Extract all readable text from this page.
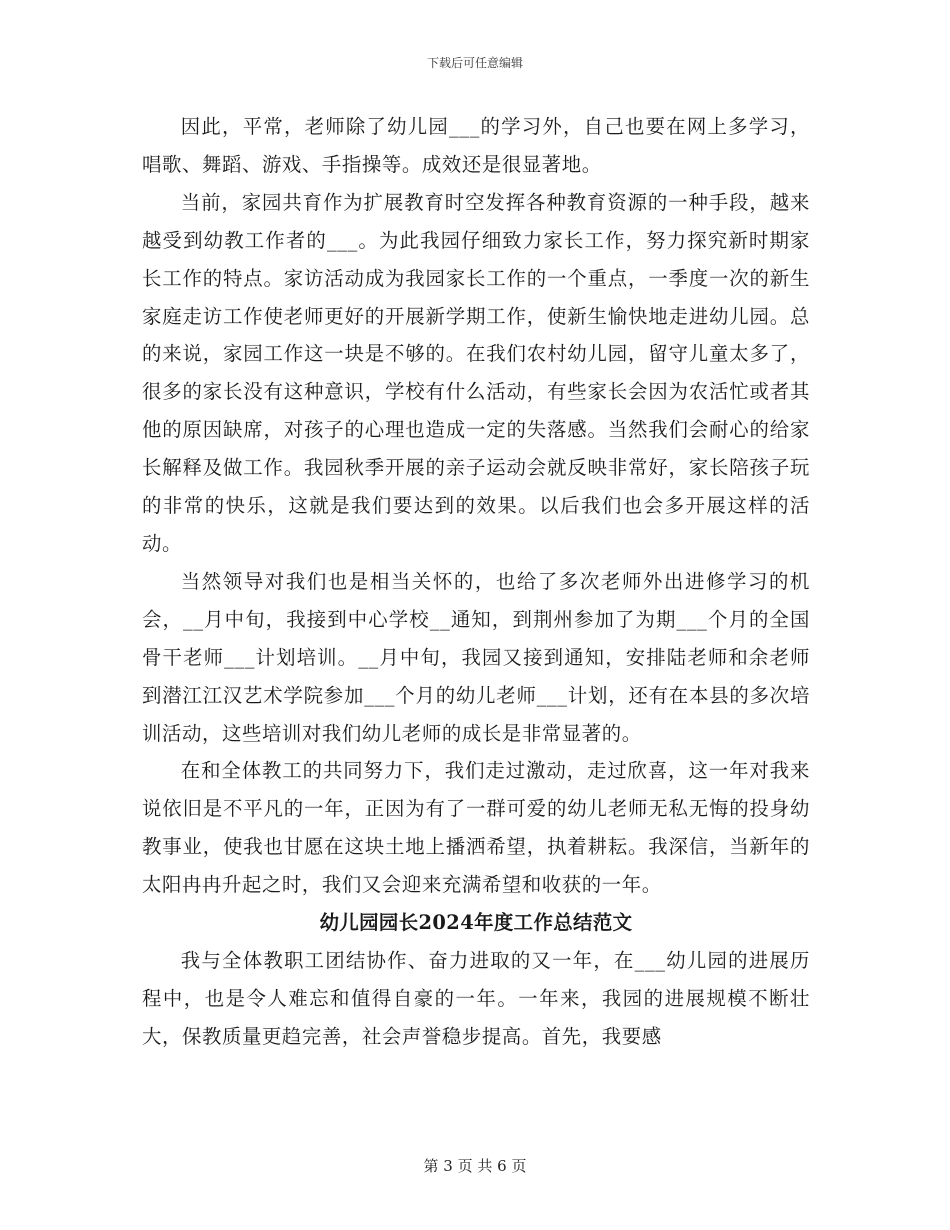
下载后可任意编辑

因此，平常，老师除了幼儿园___的学习外，自己也要在网上多学习，唱歌、舞蹈、游戏、手指操等。成效还是很显著地。

当前，家园共育作为扩展教育时空发挥各种教育资源的一种手段，越来越受到幼教工作者的___。为此我园仔细致力家长工作，努力探究新时期家长工作的特点。家访活动成为我园家长工作的一个重点，一季度一次的新生家庭走访工作使老师更好的开展新学期工作，使新生愉快地走进幼儿园。总的来说，家园工作这一块是不够的。在我们农村幼儿园，留守儿童太多了，很多的家长没有这种意识，学校有什么活动，有些家长会因为农活忙或者其他的原因缺席，对孩子的心理也造成一定的失落感。当然我们会耐心的给家长解释及做工作。我园秋季开展的亲子运动会就反映非常好，家长陪孩子玩的非常的快乐，这就是我们要达到的效果。以后我们也会多开展这样的活动。

当然领导对我们也是相当关怀的，也给了多次老师外出进修学习的机会，__月中旬，我接到中心学校__通知，到荆州参加了为期___个月的全国骨干老师___计划培训。__月中旬，我园又接到通知，安排陆老师和余老师到潜江江汉艺术学院参加___个月的幼儿老师___计划，还有在本县的多次培训活动，这些培训对我们幼儿老师的成长是非常显著的。

在和全体教工的共同努力下，我们走过激动，走过欣喜，这一年对我来说依旧是不平凡的一年，正因为有了一群可爱的幼儿老师无私无悔的投身幼教事业，使我也甘愿在这块土地上播洒希望，执着耕耘。我深信，当新年的太阳冉冉升起之时，我们又会迎来充满希望和收获的一年。

幼儿园园长2024年度工作总结范文

我与全体教职工团结协作、奋力进取的又一年，在___幼儿园的进展历程中，也是令人难忘和值得自豪的一年。一年来，我园的进展规模不断壮大，保教质量更趋完善，社会声誉稳步提高。首先，我要感

第 3 页 共 6 页
